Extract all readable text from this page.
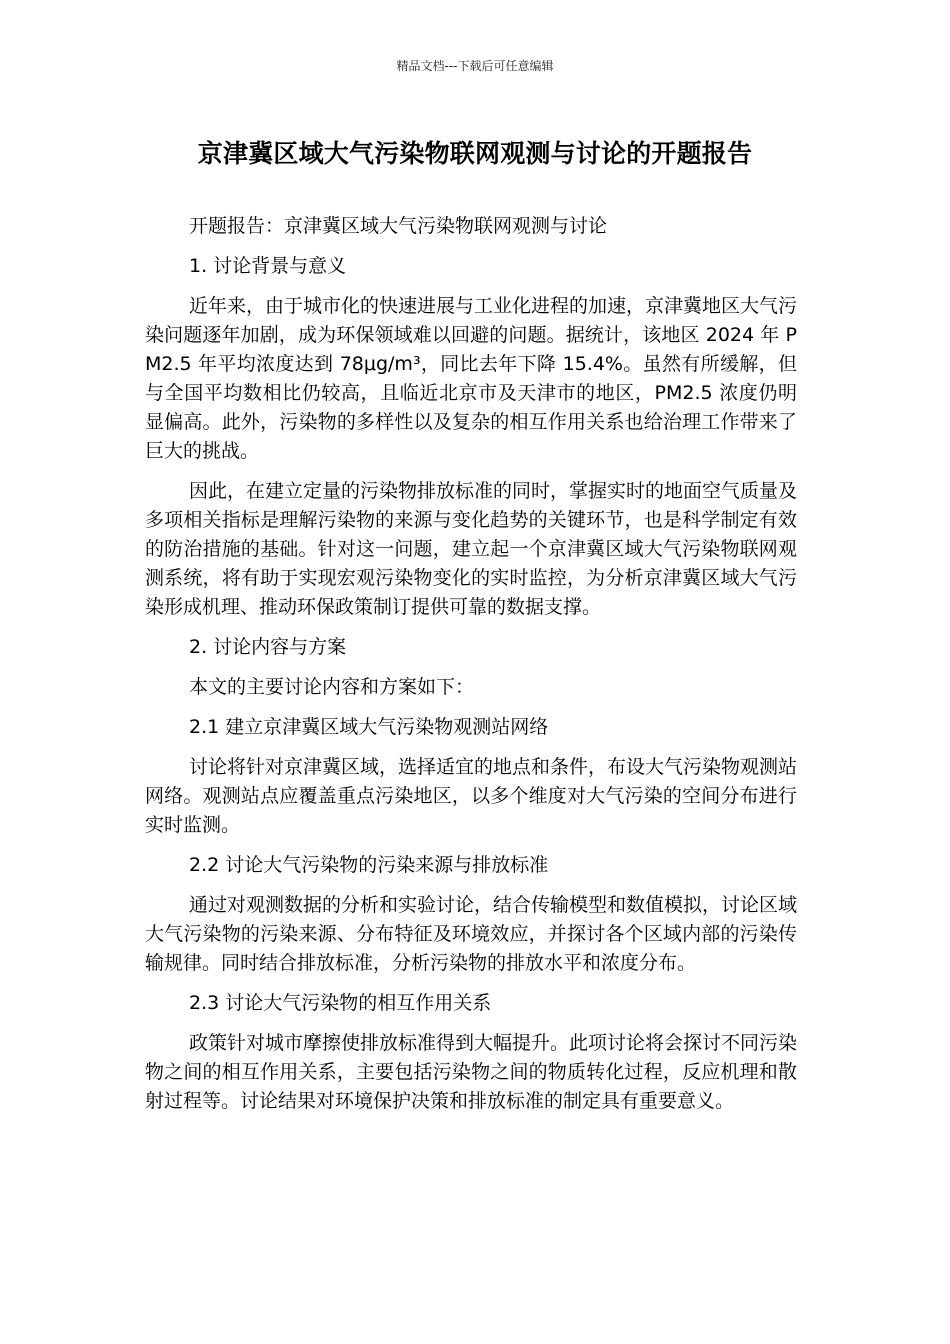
精品文档---下载后可任意编辑
京津冀区域大气污染物联网观测与讨论的开题报告

开题报告：京津冀区域大气污染物联网观测与讨论

1. 讨论背景与意义

近年来，由于城市化的快速进展与工业化进程的加速，京津冀地区大气污染问题逐年加剧，成为环保领域难以回避的问题。据统计，该地区 2024 年 PM2.5 年平均浓度达到 78μg/m³，同比去年下降 15.4%。虽然有所缓解，但与全国平均数相比仍较高，且临近北京市及天津市的地区，PM2.5 浓度仍明显偏高。此外，污染物的多样性以及复杂的相互作用关系也给治理工作带来了巨大的挑战。

因此，在建立定量的污染物排放标准的同时，掌握实时的地面空气质量及多项相关指标是理解污染物的来源与变化趋势的关键环节，也是科学制定有效的防治措施的基础。针对这一问题，建立起一个京津冀区域大气污染物联网观测系统，将有助于实现宏观污染物变化的实时监控，为分析京津冀区域大气污染形成机理、推动环保政策制订提供可靠的数据支撑。

2. 讨论内容与方案

本文的主要讨论内容和方案如下：

2.1 建立京津冀区域大气污染物观测站网络

讨论将针对京津冀区域，选择适宜的地点和条件，布设大气污染物观测站网络。观测站点应覆盖重点污染地区，以多个维度对大气污染的空间分布进行实时监测。

2.2 讨论大气污染物的污染来源与排放标准

通过对观测数据的分析和实验讨论，结合传输模型和数值模拟，讨论区域大气污染物的污染来源、分布特征及环境效应，并探讨各个区域内部的污染传输规律。同时结合排放标准，分析污染物的排放水平和浓度分布。

2.3 讨论大气污染物的相互作用关系

政策针对城市摩擦使排放标准得到大幅提升。此项讨论将会探讨不同污染物之间的相互作用关系，主要包括污染物之间的物质转化过程，反应机理和散射过程等。讨论结果对环境保护决策和排放标准的制定具有重要意义。
